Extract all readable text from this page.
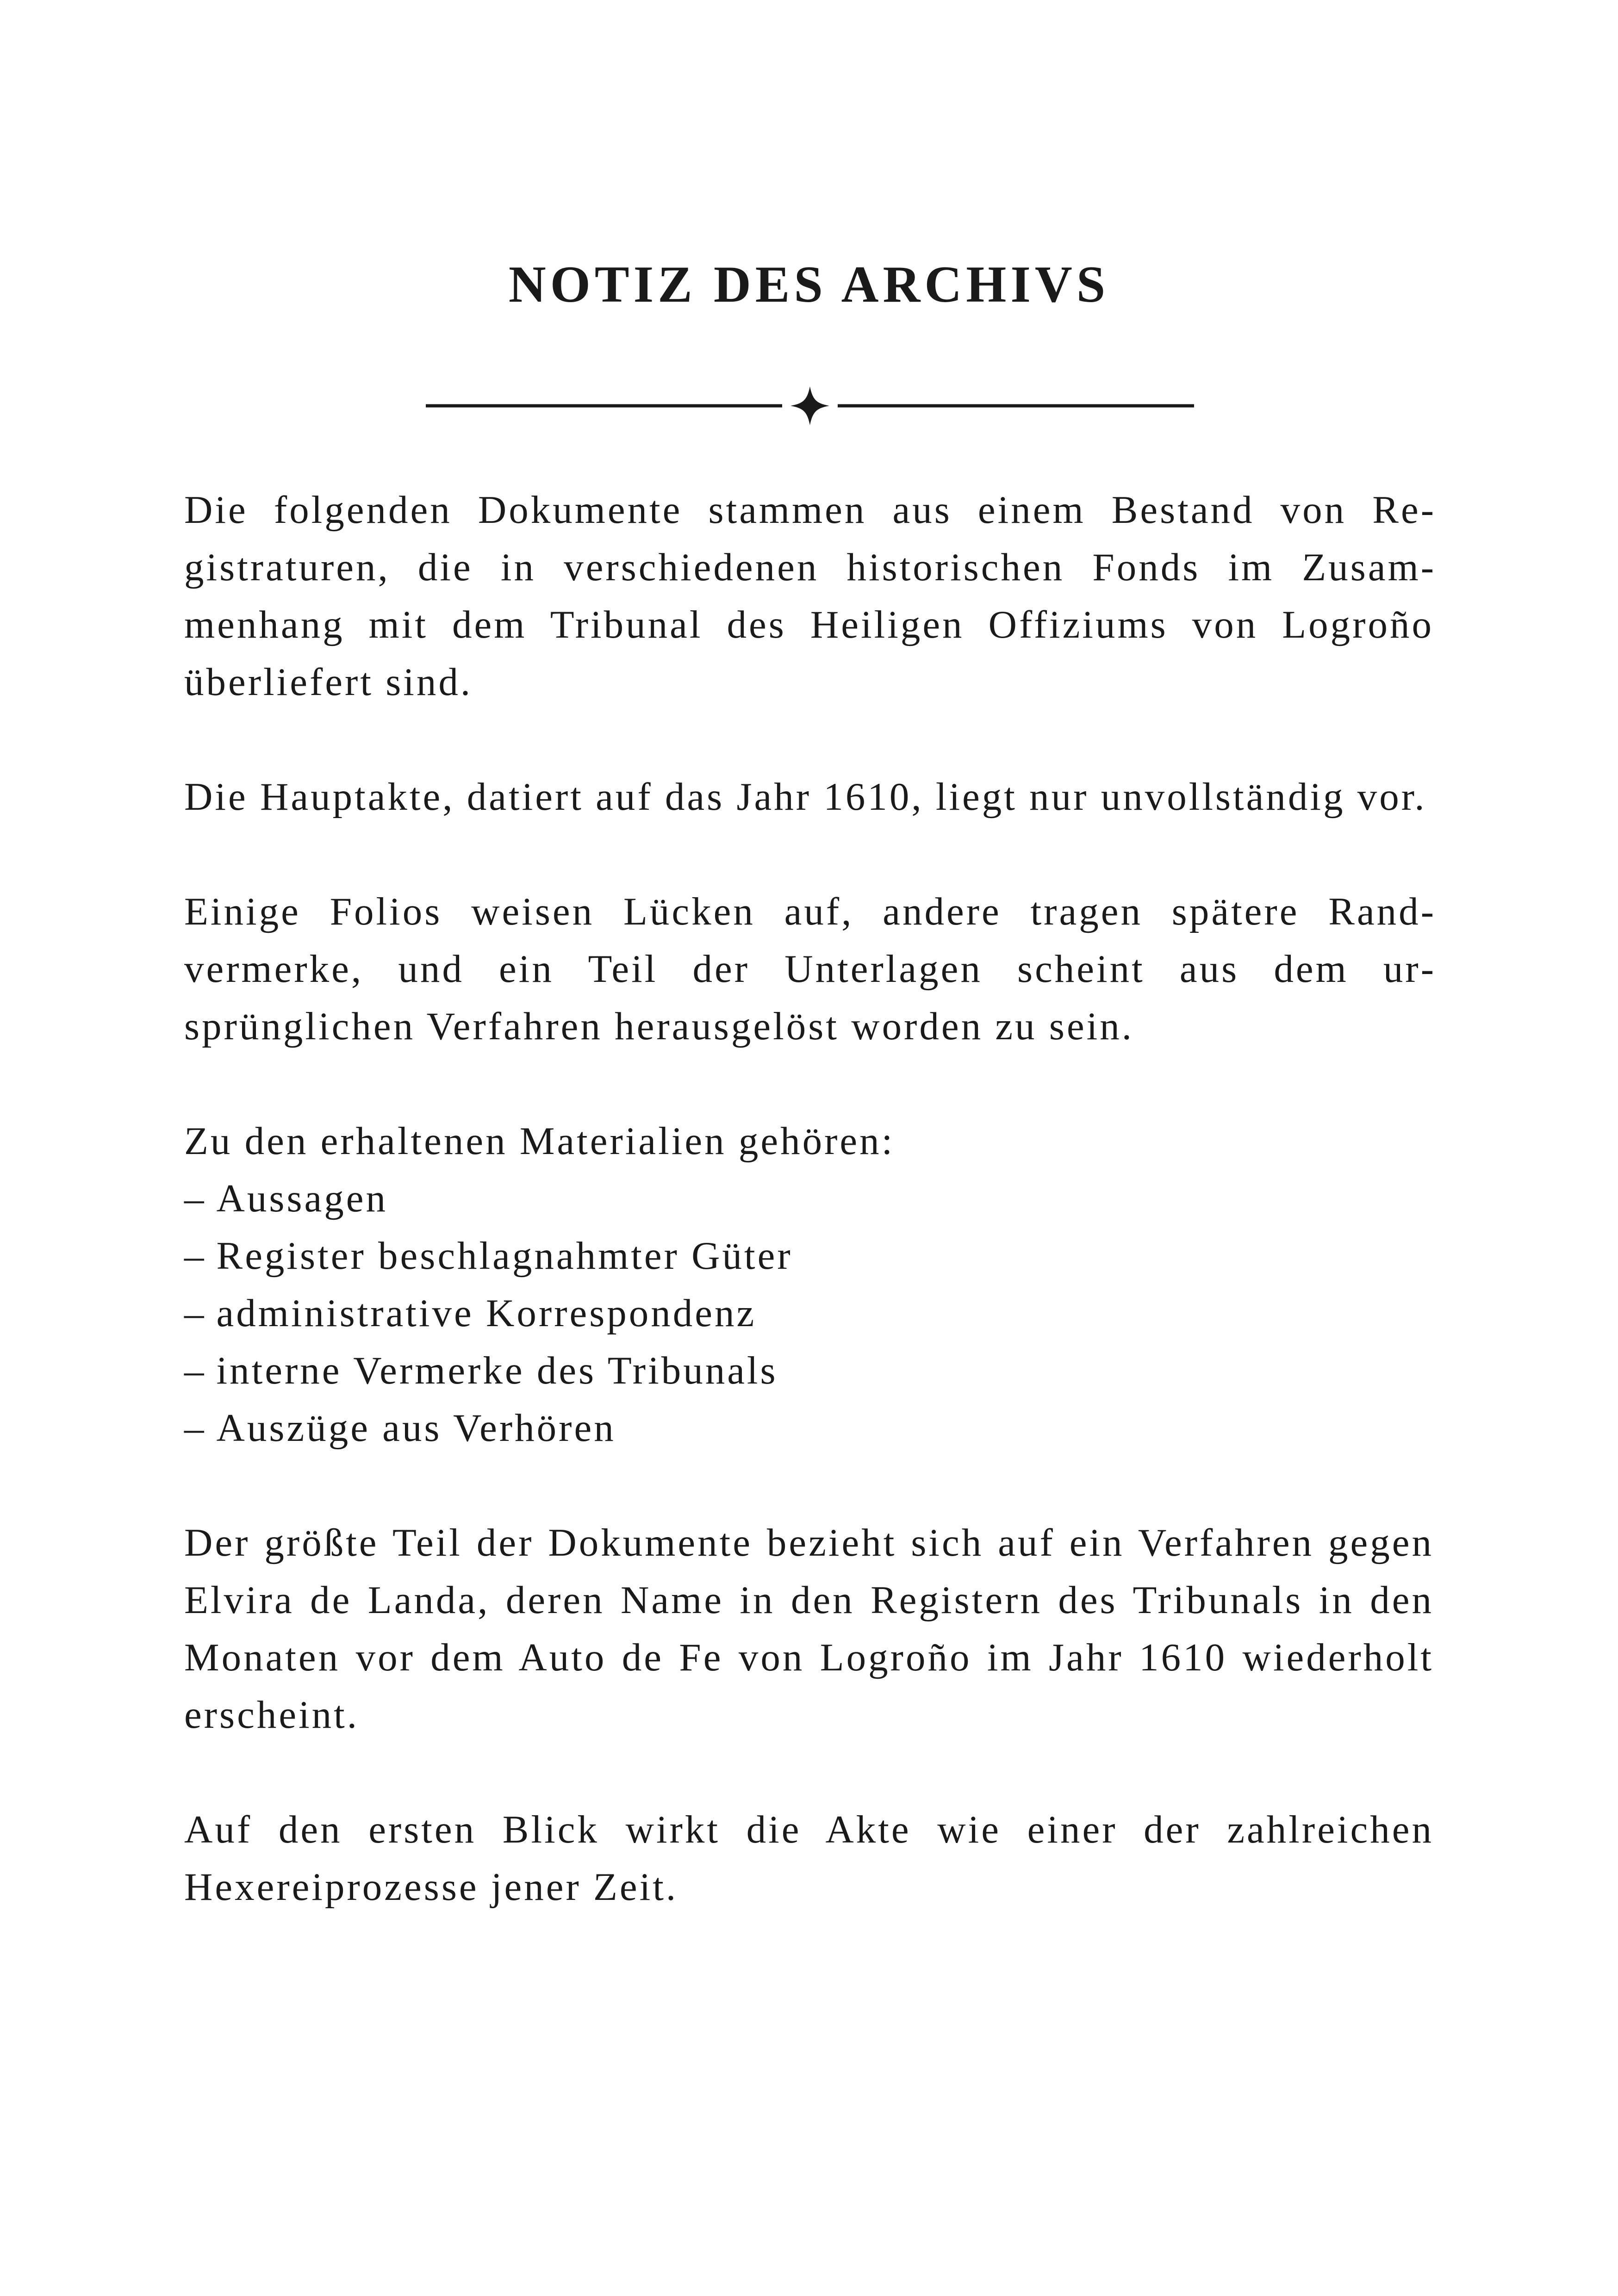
NOTIZ DES ARCHIVS

Die folgenden Dokumente stammen aus einem Bestand von Registraturen, die in verschiedenen historischen Fonds im Zusammenhang mit dem Tribunal des Heiligen Offiziums von Logroño überliefert sind.

Die Hauptakte, datiert auf das Jahr 1610, liegt nur unvollständig vor.

Einige Folios weisen Lücken auf, andere tragen spätere Randvermerke, und ein Teil der Unterlagen scheint aus dem ursprünglichen Verfahren herausgelöst worden zu sein.

Zu den erhaltenen Materialien gehören:

– Aussagen
– Register beschlagnahmter Güter
– administrative Korrespondenz
– interne Vermerke des Tribunals
– Auszüge aus Verhören

Der größte Teil der Dokumente bezieht sich auf ein Verfahren gegen Elvira de Landa, deren Name in den Registern des Tribunals in den Monaten vor dem Auto de Fe von Logroño im Jahr 1610 wiederholt erscheint.

Auf den ersten Blick wirkt die Akte wie einer der zahlreichen Hexereiprozesse jener Zeit.
